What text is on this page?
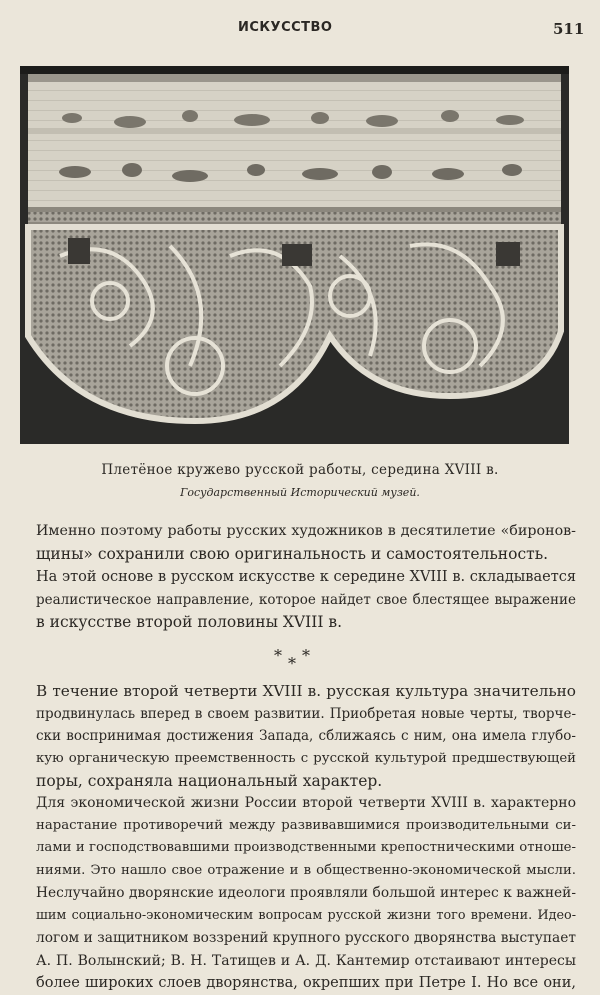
ИСКУССТВО	511
Плетёное кружево русской работы, середина XVIII в.
Государственный Исторический музей.
Именно поэтому работы русских художников в десятилетие «биронов-
щины» сохранили свою оригинальность и самостоятельность.
На этой основе в русском искусстве к середине XVIII в. складывается
реалистическое направление, которое найдет свое блестящее выражение
в искусстве второй половины XVIII в.
* * *
В течение второй четверти XVIII в. русская культура значительно
продвинулась вперед в своем развитии. Приобретая новые черты, творче-
ски воспринимая достижения Запада, сближаясь с ним, она имела глубо-
кую органическую преемственность с русской культурой предшествующей
поры, сохраняла национальный характер.
Для экономической жизни России второй четверти XVIII в. характерно
нарастание противоречий между развивавшимися производительными си-
лами и господствовавшими производственными крепостническими отноше-
ниями. Это нашло свое отражение и в общественно-экономической мысли.
Неслучайно дворянские идеологи проявляли большой интерес к важней-
шим социально-экономическим вопросам русской жизни того времени. Идео-
логом и защитником воззрений крупного русского дворянства выступает
А. П. Волынский; В. Н. Татищев и А. Д. Кантемир отстаивают интересы
более широких слоев дворянства, окрепших при Петре I. Но все они,
